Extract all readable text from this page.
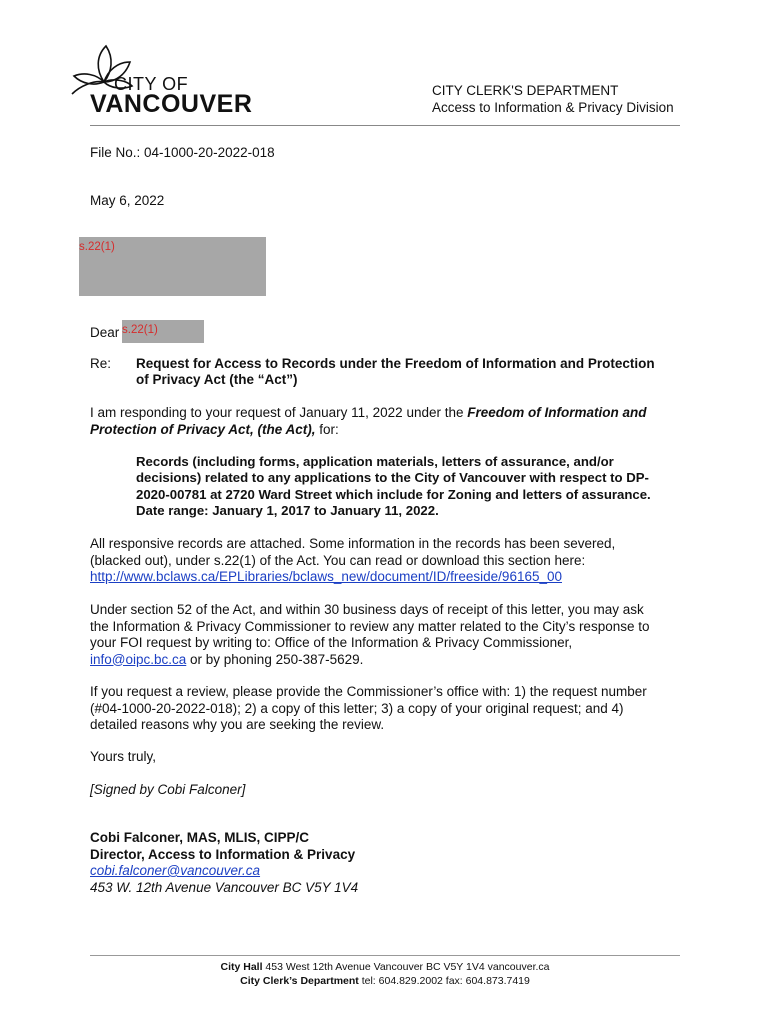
CITY OF
VANCOUVER	CITY CLERK'S DEPARTMENT
Access to Information & Privacy Division
File No.: 04-1000-20-2022-018
May 6, 2022
s.22(1)
Dear s.22(1)
Re: Request for Access to Records under the Freedom of Information and Protection
of Privacy Act (the “Act”)
I am responding to your request of January 11, 2022 under the Freedom of Information and
Protection of Privacy Act, (the Act), for:
Records (including forms, application materials, letters of assurance, and/or
decisions) related to any applications to the City of Vancouver with respect to DP-
2020-00781 at 2720 Ward Street which include for Zoning and letters of assurance.
Date range: January 1, 2017 to January 11, 2022.
All responsive records are attached. Some information in the records has been severed,
(blacked out), under s.22(1) of the Act. You can read or download this section here:
http://www.bclaws.ca/EPLibraries/bclaws_new/document/ID/freeside/96165_00
Under section 52 of the Act, and within 30 business days of receipt of this letter, you may ask
the Information & Privacy Commissioner to review any matter related to the City’s response to
your FOI request by writing to: Office of the Information & Privacy Commissioner,
info@oipc.bc.ca or by phoning 250-387-5629.
If you request a review, please provide the Commissioner’s office with: 1) the request number
(#04-1000-20-2022-018); 2) a copy of this letter; 3) a copy of your original request; and 4)
detailed reasons why you are seeking the review.
Yours truly,
[Signed by Cobi Falconer]
Cobi Falconer, MAS, MLIS, CIPP/C
Director, Access to Information & Privacy
cobi.falconer@vancouver.ca
453 W. 12th Avenue Vancouver BC V5Y 1V4
City Hall 453 West 12th Avenue Vancouver BC V5Y 1V4 vancouver.ca
City Clerk’s Department tel: 604.829.2002 fax: 604.873.7419
